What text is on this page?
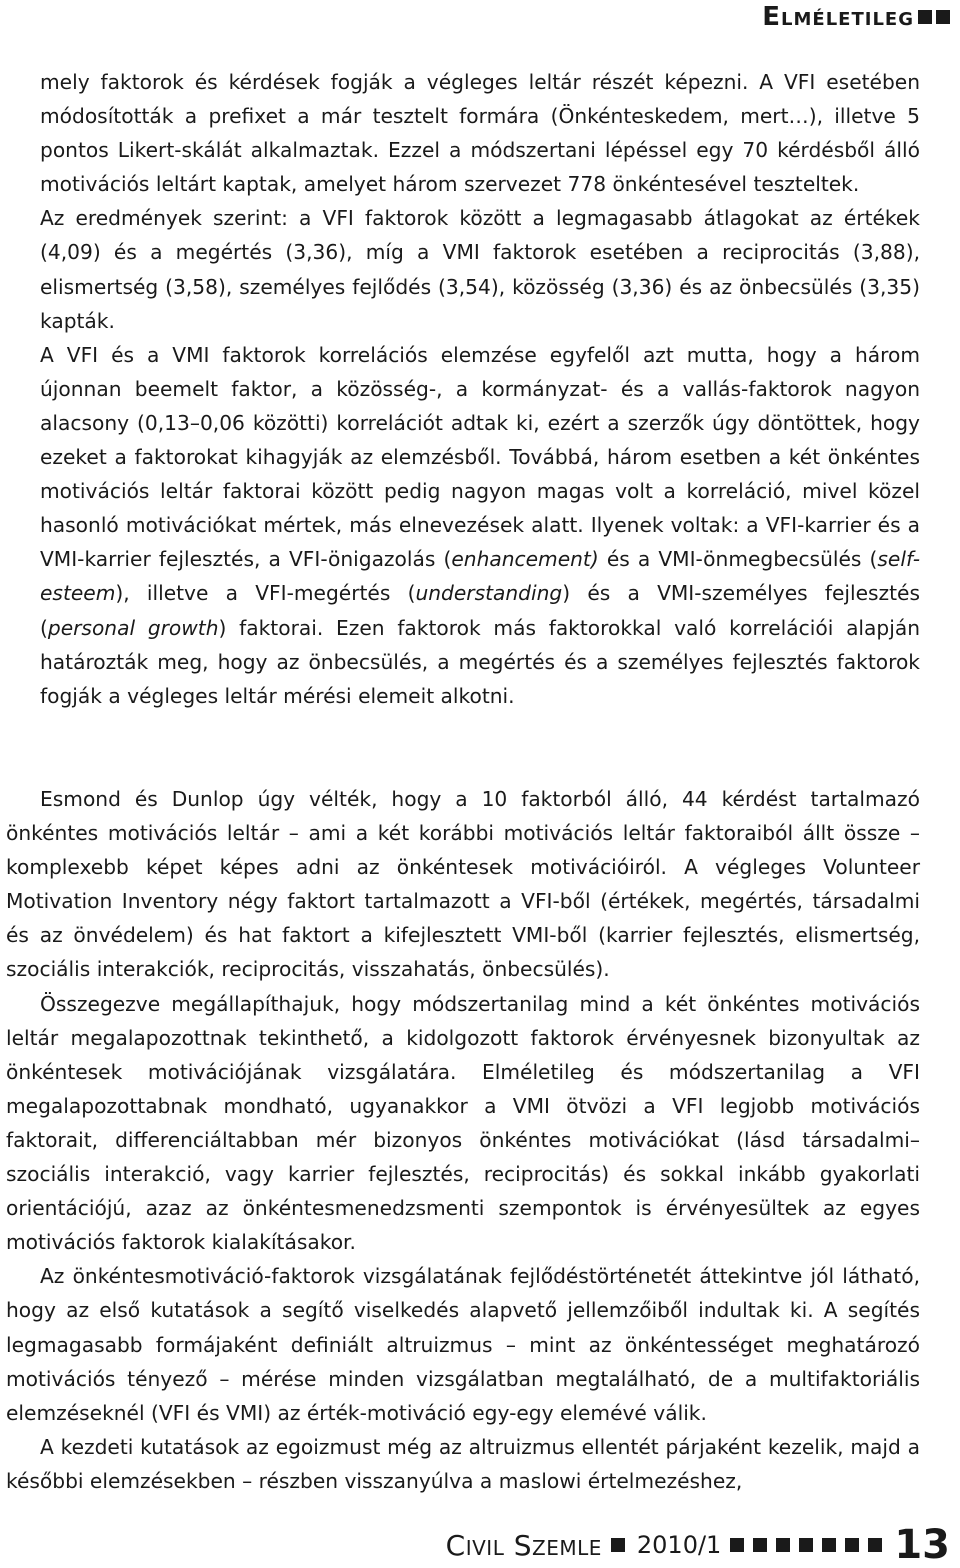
Elméletileg

mely faktorok és kérdések fogják a végleges leltár részét képezni. A VFI esetében módosították a prefixet a már tesztelt formára (Önkénteskedem, mert…), illetve 5 pontos Likert-skálát alkalmaztak. Ezzel a módszertani lépéssel egy 70 kérdésből álló motivációs leltárt kaptak, amelyet három szervezet 778 önkéntesével teszteltek.

Az eredmények szerint: a VFI faktorok között a legmagasabb átlagokat az értékek (4,09) és a megértés (3,36), míg a VMI faktorok esetében a reciprocitás (3,88), elismertség (3,58), személyes fejlődés (3,54), közösség (3,36) és az önbecsülés (3,35) kapták.

A VFI és a VMI faktorok korrelációs elemzése egyfelől azt mutta, hogy a három újonnan beemelt faktor, a közösség-, a kormányzat- és a vallás-faktorok nagyon alacsony (0,13–0,06 közötti) korrelációt adtak ki, ezért a szerzők úgy döntöttek, hogy ezeket a faktorokat kihagyják az elemzésből. Továbbá, három esetben a két önkéntes motivációs leltár faktorai között pedig nagyon magas volt a korreláció, mivel közel hasonló motivációkat mértek, más elnevezések alatt. Ilyenek voltak: a VFI-karrier és a VMI-karrier fejlesztés, a VFI-önigazolás (enhancement) és a VMI-önmegbecsülés (self-esteem), illetve a VFI-megértés (understanding) és a VMI-személyes fejlesztés (personal growth) faktorai. Ezen faktorok más faktorokkal való korrelációi alapján határozták meg, hogy az önbecsülés, a megértés és a személyes fejlesztés faktorok fogják a végleges leltár mérési elemeit alkotni.

Esmond és Dunlop úgy vélték, hogy a 10 faktorból álló, 44 kérdést tartalmazó önkéntes motivációs leltár – ami a két korábbi motivációs leltár faktoraiból állt össze – komplexebb képet képes adni az önkéntesek motivációiról. A végleges Volunteer Motivation Inventory négy faktort tartalmazott a VFI-ből (értékek, megértés, társadalmi és az önvédelem) és hat faktort a kifejlesztett VMI-ből (karrier fejlesztés, elismertség, szociális interakciók, reciprocitás, visszahatás, önbecsülés).

Összegezve megállapíthajuk, hogy módszertanilag mind a két önkéntes motivációs leltár megalapozottnak tekinthető, a kidolgozott faktorok érvényesnek bizonyultak az önkéntesek motivációjának vizsgálatára. Elméletileg és módszertanilag a VFI megalapozottabnak mondható, ugyanakkor a VMI ötvözi a VFI legjobb motivációs faktorait, differenciáltabban mér bizonyos önkéntes motivációkat (lásd társadalmi–szociális interakció, vagy karrier fejlesztés, reciprocitás) és sokkal inkább gyakorlati orientációjú, azaz az önkéntesmenedzsmenti szempontok is érvényesültek az egyes motivációs faktorok kialakításakor.

Az önkéntesmotiváció-faktorok vizsgálatának fejlődéstörténetét áttekintve jól látható, hogy az első kutatások a segítő viselkedés alapvető jellemzőiből indultak ki. A segítés legmagasabb formájaként definiált altruizmus – mint az önkéntességet meghatározó motivációs tényező – mérése minden vizsgálatban megtalálható, de a multifaktoriális elemzéseknél (VFI és VMI) az érték-motiváció egy-egy elemévé válik.

A kezdeti kutatások az egoizmust még az altruizmus ellentét párjaként kezelik, majd a későbbi elemzésekben – részben visszanyúlva a maslowi értelmezéshez,

Civil Szemle 2010/1	13
